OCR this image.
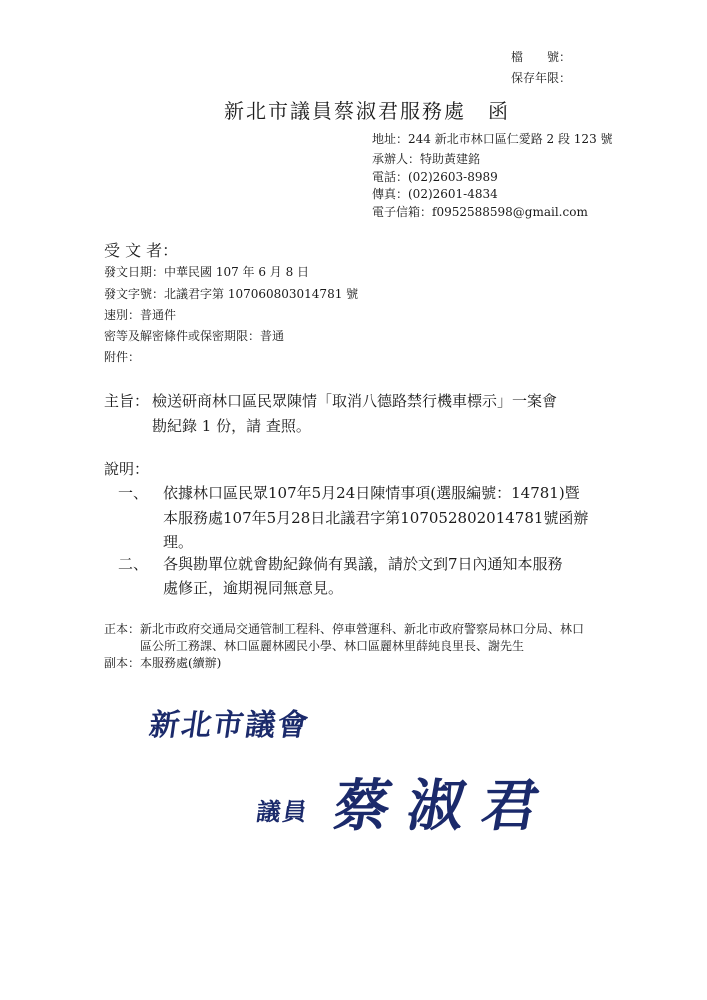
檔　　號：
保存年限：
新北市議員蔡淑君服務處　函
地址：244 新北市林口區仁愛路 2 段 123 號
承辦人：特助黃建銘
電話：(02)2603-8989
傳真：(02)2601-4834
電子信箱：f0952588598@gmail.com
受 文 者：
發文日期：中華民國 107 年 6 月 8 日
發文字號：北議君字第 107060803014781 號
速別：普通件
密等及解密條件或保密期限：普通
附件：
主旨： 檢送研商林口區民眾陳情「取消八德路禁行機車標示」一案會
勘紀錄 1 份，請 查照。
說明：
一、 依據林口區民眾107年5月24日陳情事項(選服編號：14781)暨
本服務處107年5月28日北議君字第107052802014781號函辦
理。
二、 各與勘單位就會勘紀錄倘有異議，請於文到7日內通知本服務
處修正，逾期視同無意見。
正本：新北市政府交通局交通管制工程科、停車營運科、新北市政府警察局林口分局、林口
區公所工務課、林口區麗林國民小學、林口區麗林里薛純良里長、謝先生
副本：本服務處(續辦)
新北市議會
議員 蔡淑君
